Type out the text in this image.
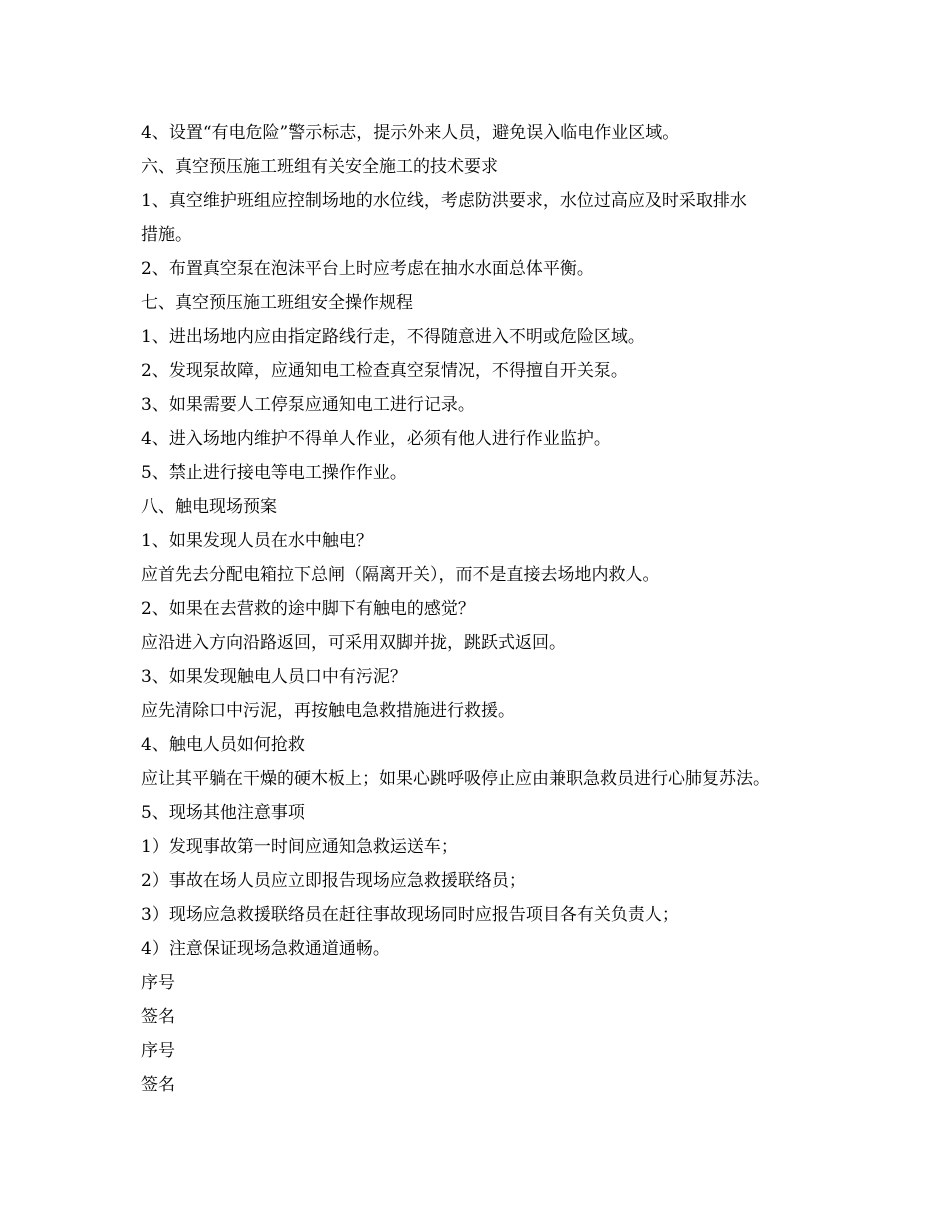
4、设置“有电危险”警示标志，提示外来人员，避免误入临电作业区域。

六、真空预压施工班组有关安全施工的技术要求

1、真空维护班组应控制场地的水位线，考虑防洪要求，水位过高应及时采取排水

措施。

2、布置真空泵在泡沫平台上时应考虑在抽水水面总体平衡。

七、真空预压施工班组安全操作规程

1、进出场地内应由指定路线行走，不得随意进入不明或危险区域。

2、发现泵故障，应通知电工检查真空泵情况，不得擅自开关泵。

3、如果需要人工停泵应通知电工进行记录。

4、进入场地内维护不得单人作业，必须有他人进行作业监护。

5、禁止进行接电等电工操作作业。

八、触电现场预案

1、如果发现人员在水中触电？

应首先去分配电箱拉下总闸（隔离开关），而不是直接去场地内救人。

2、如果在去营救的途中脚下有触电的感觉？

应沿进入方向沿路返回，可采用双脚并拢，跳跃式返回。

3、如果发现触电人员口中有污泥？

应先清除口中污泥，再按触电急救措施进行救援。

4、触电人员如何抢救

应让其平躺在干燥的硬木板上；如果心跳呼吸停止应由兼职急救员进行心肺复苏法。

5、现场其他注意事项

1）发现事故第一时间应通知急救运送车；

2）事故在场人员应立即报告现场应急救援联络员；

3）现场应急救援联络员在赶往事故现场同时应报告项目各有关负责人；

4）注意保证现场急救通道通畅。

序号

签名

序号

签名
